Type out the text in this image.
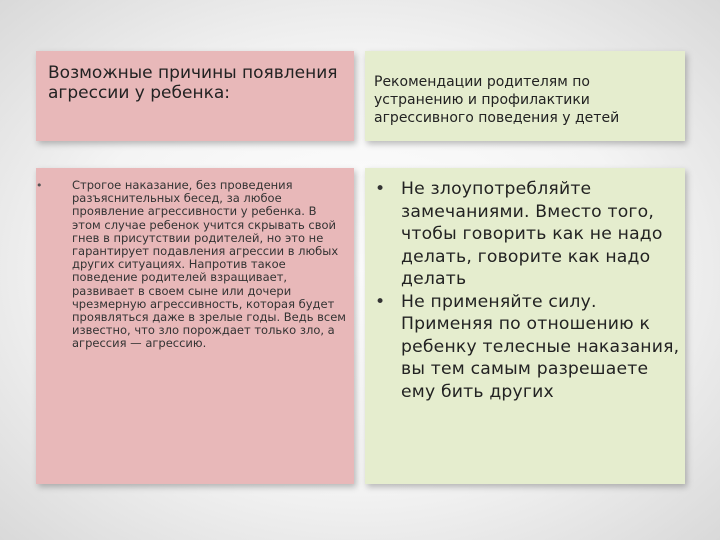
Возможные причины появления агрессии у ребенка:
Рекомендации родителям по устранению и профилактики агрессивного поведения у детей
•	Строгое наказание, без проведения разъяснительных бесед, за любое проявление агрессивности у ребенка. В этом случае ребенок учится скрывать свой гнев в присутствии родителей, но это не гарантирует подавления агрессии в любых других ситуациях. Напротив такое поведение родителей взращивает, развивает в своем сыне или дочери чрезмерную агрессивность, которая будет проявляться даже в зрелые годы. Ведь всем известно, что зло порождает только зло, а агрессия — агрессию.
• Не злоупотребляйте замечаниями. Вместо того, чтобы говорить как не надо делать, говорите как надо делать
• Не применяйте силу. Применяя по отношению к ребенку телесные наказания, вы тем самым разрешаете ему бить других
